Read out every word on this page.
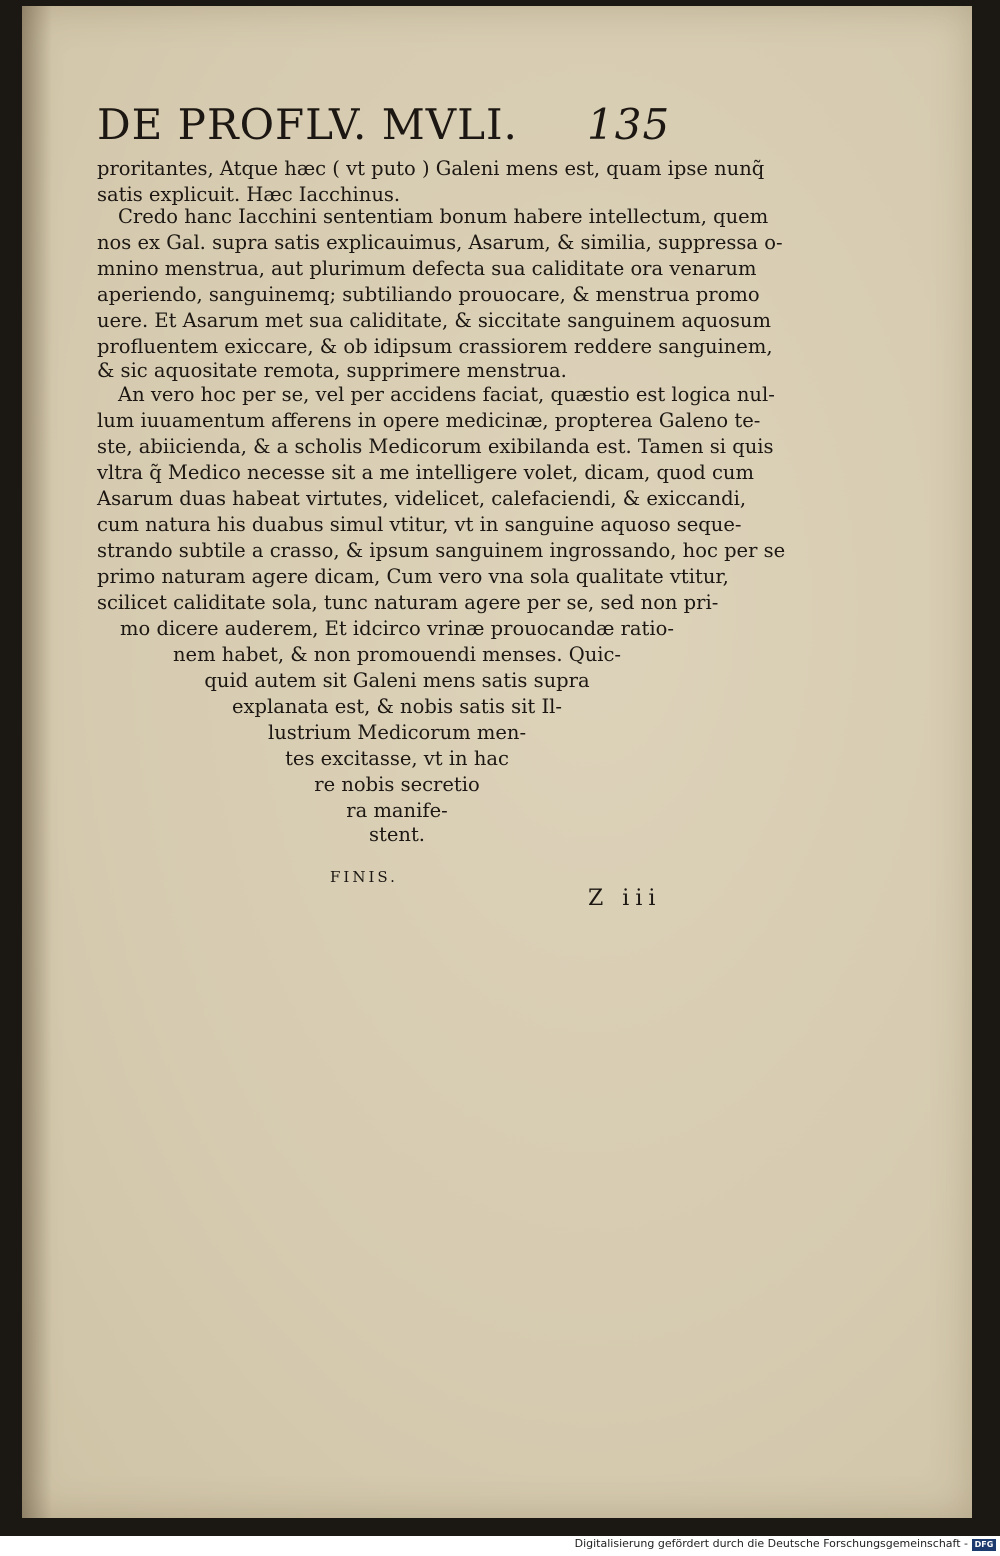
DE PROFLV. MVLI. 135
proritantes, Atque hæc ( vt puto ) Galeni mens est, quam ipse nunq̃
satis explicuit. Hæc Iacchinus.
Credo hanc Iacchini sententiam bonum habere intellectum, quem
nos ex Gal. supra satis explicauimus, Asarum, & similia, suppressa o-
mnino menstrua, aut plurimum defecta sua caliditate ora venarum
aperiendo, sanguinemq; subtiliando prouocare, & menstrua promo
uere. Et Asarum met sua caliditate, & siccitate sanguinem aquosum
profluentem exiccare, & ob idipsum crassiorem reddere sanguinem,
& sic aquositate remota, supprimere menstrua.
An vero hoc per se, vel per accidens faciat, quæstio est logica nul-
lum iuuamentum afferens in opere medicinæ, propterea Galeno te-
ste, abiicienda, & a scholis Medicorum exibilanda est. Tamen si quis
vltra q̃ Medico necesse sit a me intelligere volet, dicam, quod cum
Asarum duas habeat virtutes, videlicet, calefaciendi, & exiccandi,
cum natura his duabus simul vtitur, vt in sanguine aquoso seque-
strando subtile a crasso, & ipsum sanguinem ingrossando, hoc per se
primo naturam agere dicam, Cum vero vna sola qualitate vtitur,
scilicet caliditate sola, tunc naturam agere per se, sed non pri-
mo dicere auderem, Et idcirco vrinæ prouocandæ ratio-
nem habet, & non promouendi menses. Quic-
quid autem sit Galeni mens satis supra
explanata est, & nobis satis sit Il-
lustrium Medicorum men-
tes excitasse, vt in hac
re nobis secretio
ra manife-
stent.
FINIS.
Z iii
Digitalisierung gefördert durch die Deutsche Forschungsgemeinschaft - DFG
